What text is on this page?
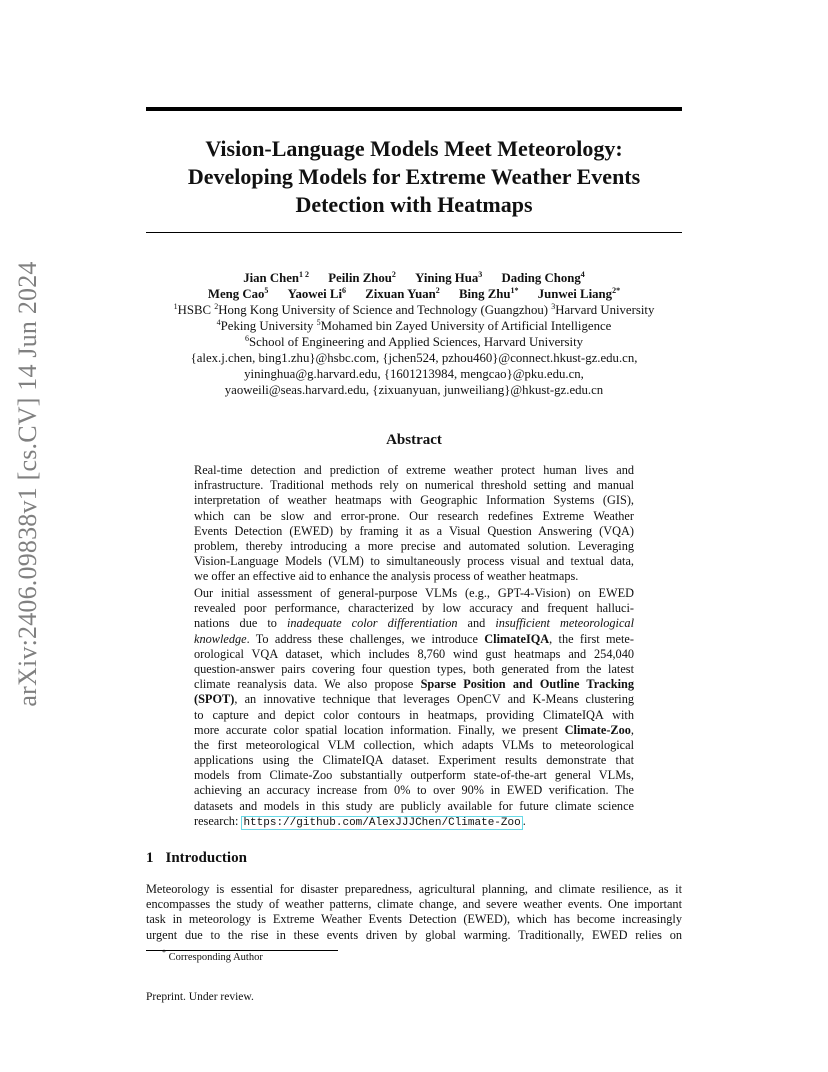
arXiv:2406.09838v1 [cs.CV] 14 Jun 2024
Vision-Language Models Meet Meteorology:
Developing Models for Extreme Weather Events
Detection with Heatmaps
Jian Chen$^{1 2}$ Peilin Zhou$^2$ Yining Hua$^3$ Dading Chong$^4$
Meng Cao$^5$ Yaowei Li$^6$ Zixuan Yuan$^2$ Bing Zhu$^{1*}$ Junwei Liang$^{2*}$
$^1$HSBC $^2$Hong Kong University of Science and Technology (Guangzhou) $^3$Harvard University
$^4$Peking University $^5$Mohamed bin Zayed University of Artificial Intelligence
$^6$School of Engineering and Applied Sciences, Harvard University
{alex.j.chen, bing1.zhu}@hsbc.com, {jchen524, pzhou460}@connect.hkust-gz.edu.cn,
yininghua@g.harvard.edu, {1601213984, mengcao}@pku.edu.cn,
yaoweili@seas.harvard.edu, {zixuanyuan, junweiliang}@hkust-gz.edu.cn
Abstract
Real-time detection and prediction of extreme weather protect human lives and
infrastructure. Traditional methods rely on numerical threshold setting and manual
interpretation of weather heatmaps with Geographic Information Systems (GIS),
which can be slow and error-prone. Our research redefines Extreme Weather
Events Detection (EWED) by framing it as a Visual Question Answering (VQA)
problem, thereby introducing a more precise and automated solution. Leveraging
Vision-Language Models (VLM) to simultaneously process visual and textual data,
we offer an effective aid to enhance the analysis process of weather heatmaps.
Our initial assessment of general-purpose VLMs (e.g., GPT-4-Vision) on EWED
revealed poor performance, characterized by low accuracy and frequent halluci-
nations due to inadequate color differentiation and insufficient meteorological
knowledge. To address these challenges, we introduce ClimateIQA, the first mete-
orological VQA dataset, which includes 8,760 wind gust heatmaps and 254,040
question-answer pairs covering four question types, both generated from the latest
climate reanalysis data. We also propose Sparse Position and Outline Tracking
(SPOT), an innovative technique that leverages OpenCV and K-Means clustering
to capture and depict color contours in heatmaps, providing ClimateIQA with
more accurate color spatial location information. Finally, we present Climate-Zoo,
the first meteorological VLM collection, which adapts VLMs to meteorological
applications using the ClimateIQA dataset. Experiment results demonstrate that
models from Climate-Zoo substantially outperform state-of-the-art general VLMs,
achieving an accuracy increase from 0% to over 90% in EWED verification. The
datasets and models in this study are publicly available for future climate science
research: https://github.com/AlexJJJChen/Climate-Zoo .
1 Introduction
Meteorology is essential for disaster preparedness, agricultural planning, and climate resilience, as it
encompasses the study of weather patterns, climate change, and severe weather events. One important
task in meteorology is Extreme Weather Events Detection (EWED), which has become increasingly
urgent due to the rise in these events driven by global warming. Traditionally, EWED relies on
* Corresponding Author
Preprint. Under review.
